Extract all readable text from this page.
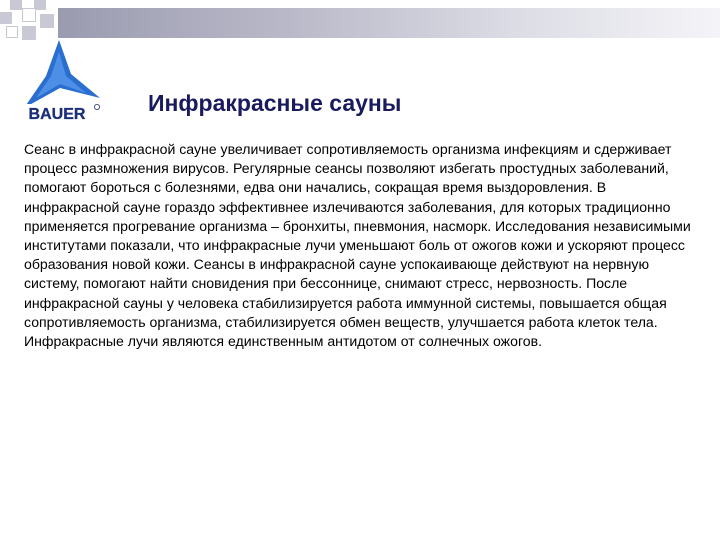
BAUER	Инфракрасные сауны

Сеанс в инфракрасной сауне увеличивает сопротивляемость организма инфекциям и сдерживает процесс размножения вирусов. Регулярные сеансы позволяют избегать простудных заболеваний, помогают бороться с болезнями, едва они начались, сокращая время выздоровления. В инфракрасной сауне гораздо эффективнее излечиваются заболевания, для которых традиционно применяется прогревание организма – бронхиты, пневмония, насморк. Исследования независимыми институтами показали, что инфракрасные лучи уменьшают боль от ожогов кожи и ускоряют процесс образования новой кожи. Сеансы в инфракрасной сауне успокаивающе действуют на нервную систему, помогают найти сновидения при бессоннице, снимают стресс, нервозность. После инфракрасной сауны у человека стабилизируется работа иммунной системы, повышается общая сопротивляемость организма, стабилизируется обмен веществ, улучшается работа клеток тела. Инфракрасные лучи являются единственным антидотом от солнечных ожогов.
